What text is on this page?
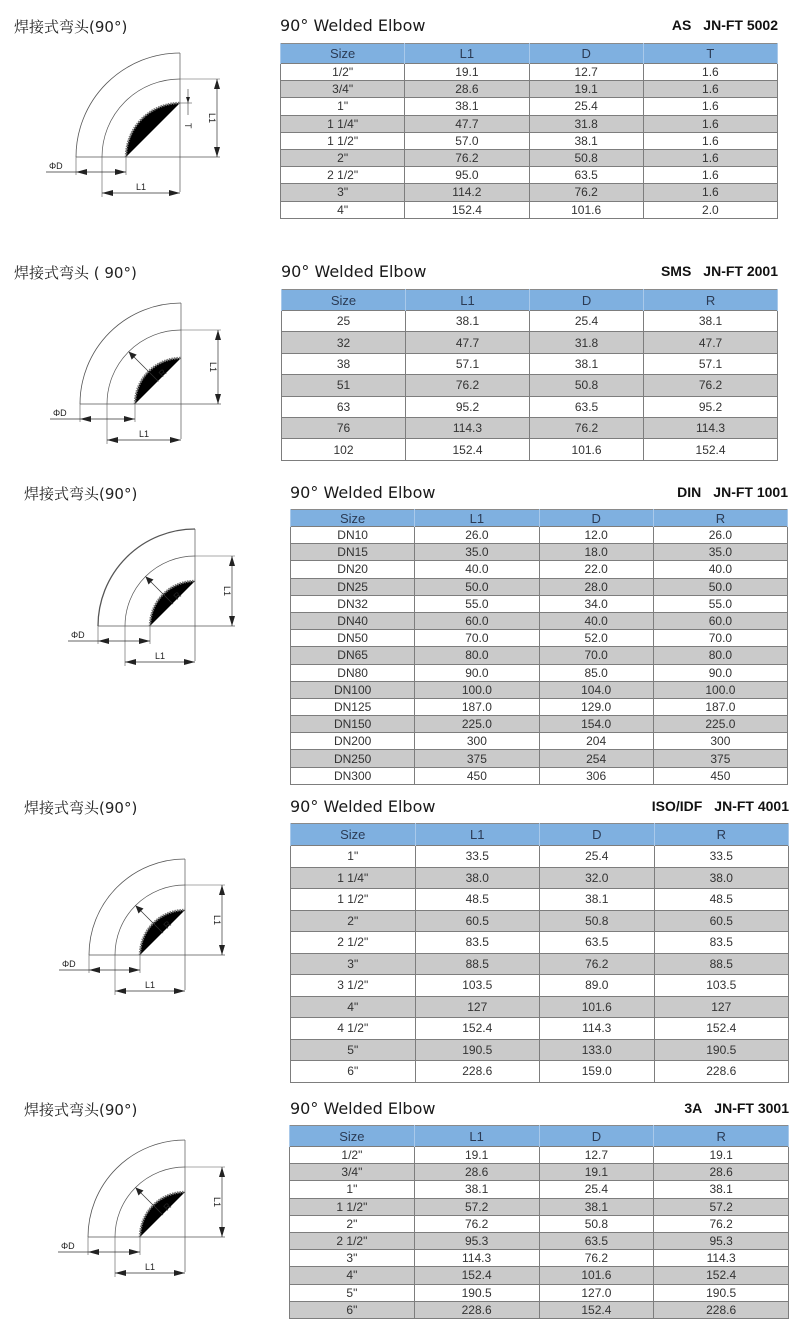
焊接式弯头(90°)	90° Welded Elbow	AS JN-FT 5002
L1
ΦD
L1
T
Size	L1	D	T
1/2"	19.1	12.7	1.6
3/4"	28.6	19.1	1.6
1"	38.1	25.4	1.6
1 1/4"	47.7	31.8	1.6
1 1/2"	57.0	38.1	1.6
2"	76.2	50.8	1.6
2 1/2"	95.0	63.5	1.6
3"	114.2	76.2	1.6
4"	152.4	101.6	2.0
焊接式弯头 ( 90°)	90° Welded Elbow	SMS JN-FT 2001
L1
ΦD
L1
R
Size	L1	D	R
25	38.1	25.4	38.1
32	47.7	31.8	47.7
38	57.1	38.1	57.1
51	76.2	50.8	76.2
63	95.2	63.5	95.2
76	114.3	76.2	114.3
102	152.4	101.6	152.4
焊接式弯头(90°)	90° Welded Elbow	DIN JN-FT 1001
L1
ΦD
L1
R
Size	L1	D	R
DN10	26.0	12.0	26.0
DN15	35.0	18.0	35.0
DN20	40.0	22.0	40.0
DN25	50.0	28.0	50.0
DN32	55.0	34.0	55.0
DN40	60.0	40.0	60.0
DN50	70.0	52.0	70.0
DN65	80.0	70.0	80.0
DN80	90.0	85.0	90.0
DN100	100.0	104.0	100.0
DN125	187.0	129.0	187.0
DN150	225.0	154.0	225.0
DN200	300	204	300
DN250	375	254	375
DN300	450	306	450
焊接式弯头(90°)	90° Welded Elbow	ISO/IDF JN-FT 4001
L1
ΦD
L1
R
Size	L1	D	R
1"	33.5	25.4	33.5
1 1/4"	38.0	32.0	38.0
1 1/2"	48.5	38.1	48.5
2"	60.5	50.8	60.5
2 1/2"	83.5	63.5	83.5
3"	88.5	76.2	88.5
3 1/2"	103.5	89.0	103.5
4"	127	101.6	127
4 1/2"	152.4	114.3	152.4
5"	190.5	133.0	190.5
6"	228.6	159.0	228.6
焊接式弯头(90°)	90° Welded Elbow	3A JN-FT 3001
L1
ΦD
L1
R
Size	L1	D	R
1/2"	19.1	12.7	19.1
3/4"	28.6	19.1	28.6
1"	38.1	25.4	38.1
1 1/2"	57.2	38.1	57.2
2"	76.2	50.8	76.2
2 1/2"	95.3	63.5	95.3
3"	114.3	76.2	114.3
4"	152.4	101.6	152.4
5"	190.5	127.0	190.5
6"	228.6	152.4	228.6
